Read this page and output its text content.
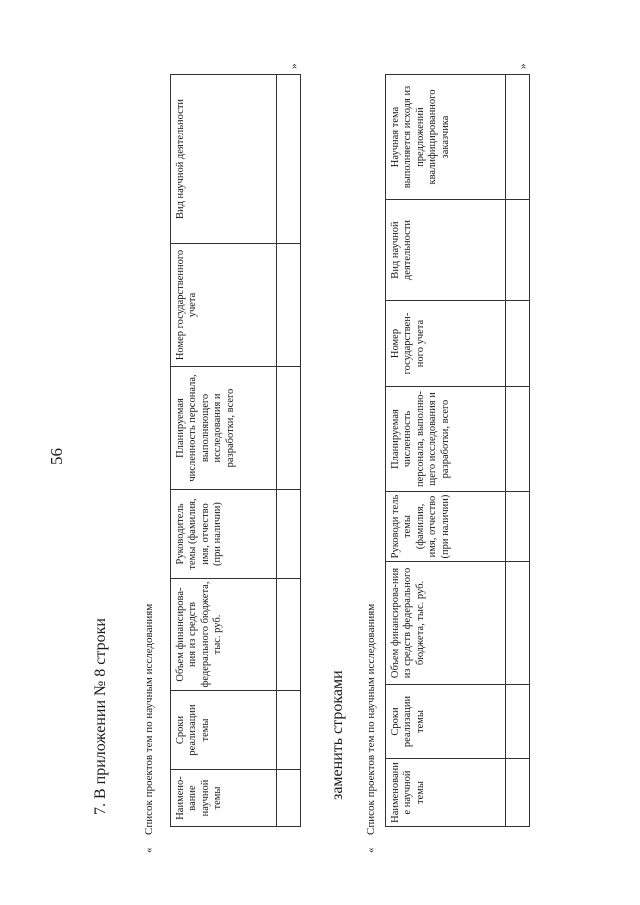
56
7. В приложении № 8 строки
«
Список проектов тем по научным исследованиям Наимено-вание научной темы	Сроки реализации темы	Объем финансирова-ния из средств федерального бюджета, тыс. руб.	Руководитель темы (фамилия, имя, отчество (при наличии)	Планируемая численность персонала, выполняющего исследования и разработки, всего	Номер государственного учета	Вид научной деятельности

»
заменить строками
«
Список проектов тем по научным исследованиям Наименование научной темы	Сроки реализации темы	Объем финансирова-ния из средств федерального бюджета, тыс. руб.	Руководи тель темы (фамилия, имя, отчество (при наличии)	Планируемая численность персонала, выполню-щего исследования и разработки, всего	Номер государствен-ного учета	Вид научной деятельности	Научная тема выполняется исходя из предложений квалифицированного заказчика

»
